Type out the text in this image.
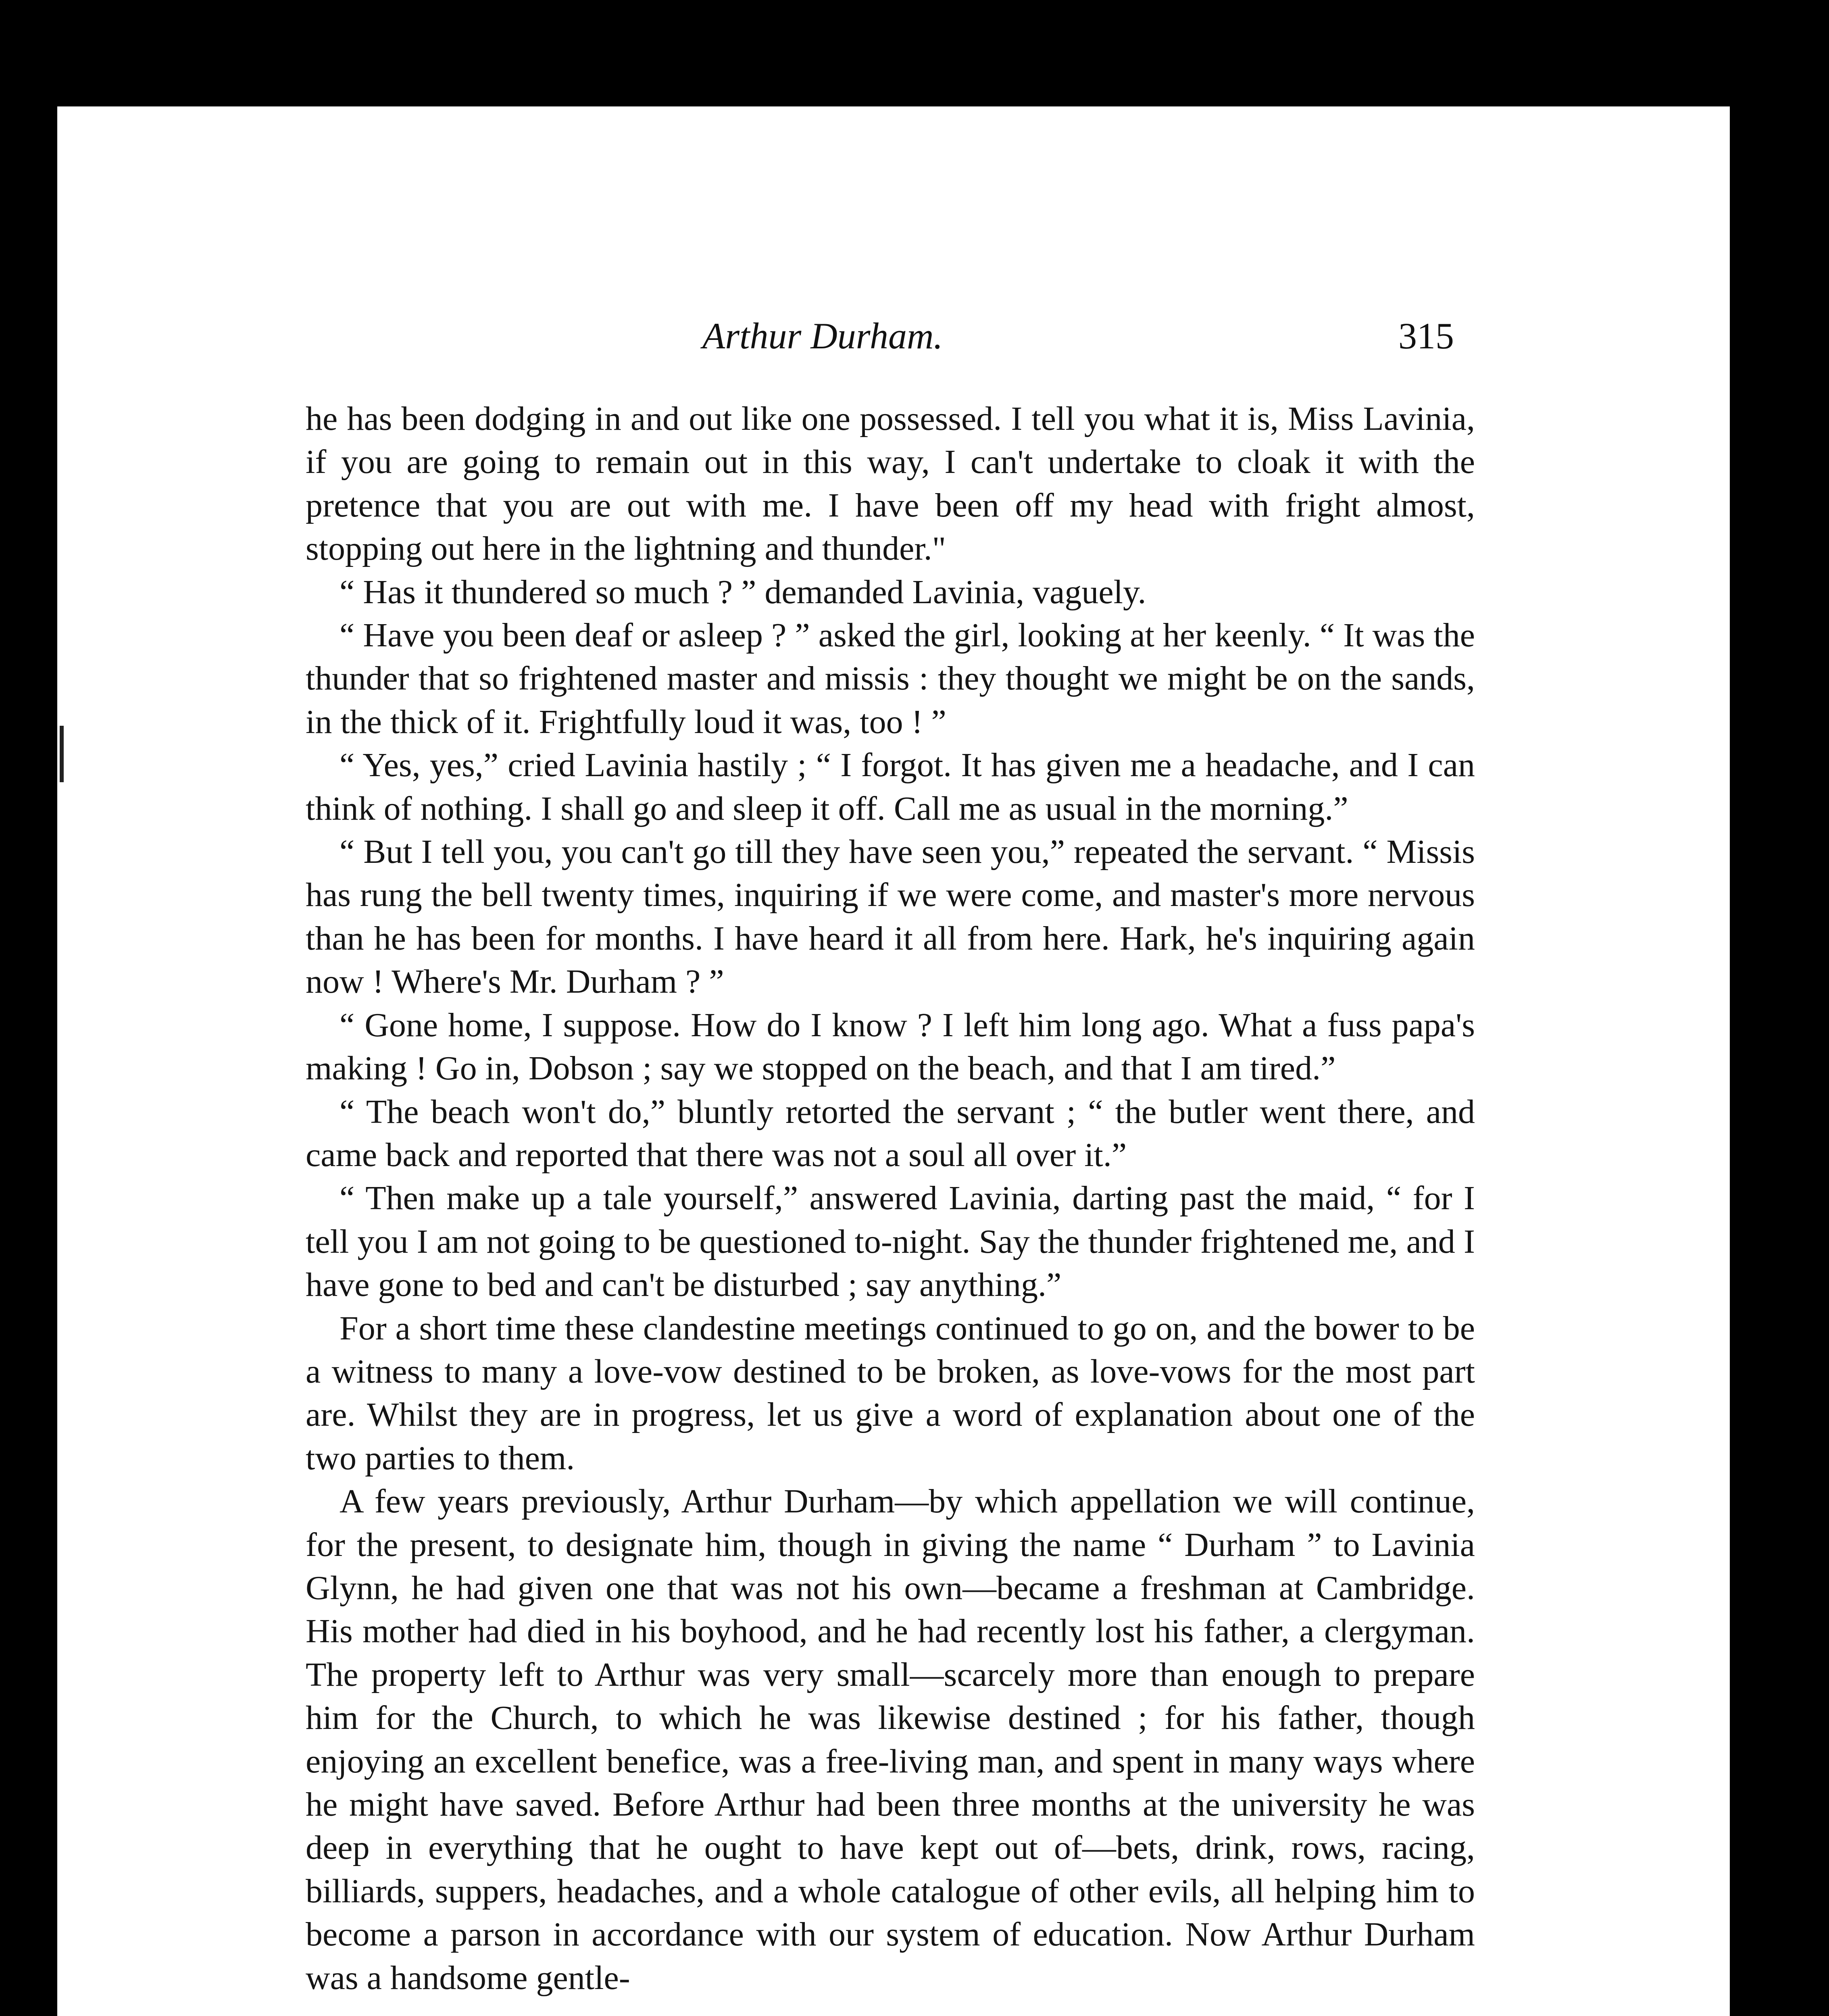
Arthur Durham.	315

he has been dodging in and out like one possessed. I tell you what it is, Miss Lavinia, if you are going to remain out in this way, I can't undertake to cloak it with the pretence that you are out with me. I have been off my head with fright almost, stopping out here in the lightning and thunder."

“ Has it thundered so much ? ” demanded Lavinia, vaguely.

“ Have you been deaf or asleep ? ” asked the girl, looking at her keenly. “ It was the thunder that so frightened master and missis : they thought we might be on the sands, in the thick of it. Frightfully loud it was, too ! ”

“ Yes, yes,” cried Lavinia hastily ; “ I forgot. It has given me a headache, and I can think of nothing. I shall go and sleep it off. Call me as usual in the morning.”

“ But I tell you, you can't go till they have seen you,” repeated the servant. “ Missis has rung the bell twenty times, inquiring if we were come, and master's more nervous than he has been for months. I have heard it all from here. Hark, he's inquiring again now ! Where's Mr. Durham ? ”

“ Gone home, I suppose. How do I know ? I left him long ago. What a fuss papa's making ! Go in, Dobson ; say we stopped on the beach, and that I am tired.”

“ The beach won't do,” bluntly retorted the servant ; “ the butler went there, and came back and reported that there was not a soul all over it.”

“ Then make up a tale yourself,” answered Lavinia, darting past the maid, “ for I tell you I am not going to be questioned to-night. Say the thunder frightened me, and I have gone to bed and can't be disturbed ; say anything.”

For a short time these clandestine meetings continued to go on, and the bower to be a witness to many a love-vow destined to be broken, as love-vows for the most part are. Whilst they are in progress, let us give a word of explanation about one of the two parties to them.

A few years previously, Arthur Durham—by which appellation we will continue, for the present, to designate him, though in giving the name “ Durham ” to Lavinia Glynn, he had given one that was not his own—became a freshman at Cambridge. His mother had died in his boyhood, and he had recently lost his father, a clergyman. The property left to Arthur was very small—scarcely more than enough to prepare him for the Church, to which he was likewise destined ; for his father, though enjoying an excellent benefice, was a free-living man, and spent in many ways where he might have saved. Before Arthur had been three months at the university he was deep in everything that he ought to have kept out of—bets, drink, rows, racing, billiards, suppers, headaches, and a whole catalogue of other evils, all helping him to become a parson in accordance with our system of education. Now Arthur Durham was a handsome gentle-
